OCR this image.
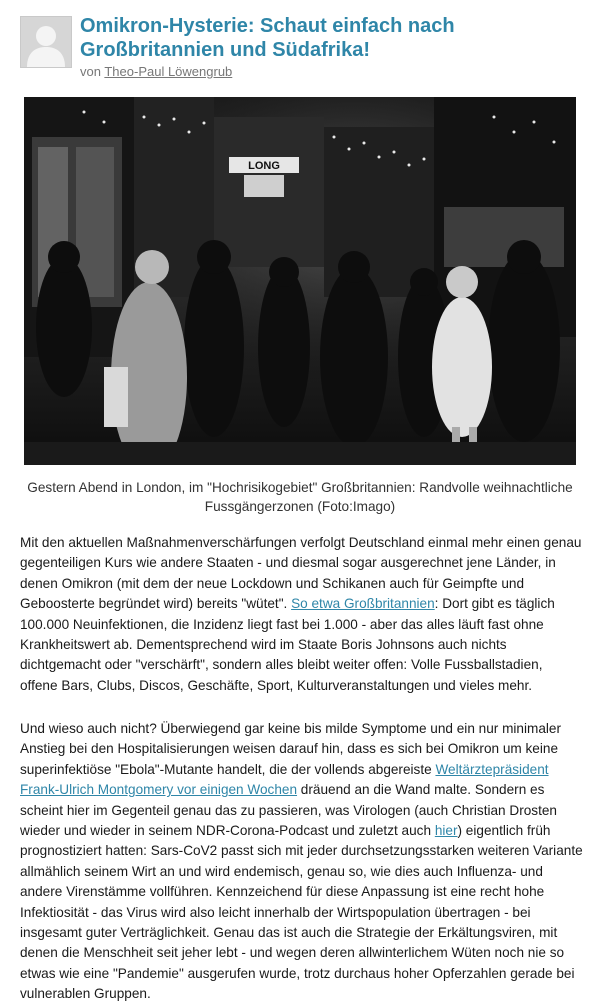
Omikron-Hysterie: Schaut einfach nach Großbritannien und Südafrika!
von Theo-Paul Löwengrub
LONG

Gestern Abend in London, im "Hochrisikogebiet" Großbritannien: Randvolle weihnachtliche Fussgängerzonen (Foto:Imago)

Mit den aktuellen Maßnahmenverschärfungen verfolgt Deutschland einmal mehr einen genau gegenteiligen Kurs wie andere Staaten - und diesmal sogar ausgerechnet jene Länder, in denen Omikron (mit dem der neue Lockdown und Schikanen auch für Geimpfte und Geboosterte begründet wird) bereits "wütet". So etwa Großbritannien: Dort gibt es täglich 100.000 Neuinfektionen, die Inzidenz liegt fast bei 1.000 - aber das alles läuft fast ohne Krankheitswert ab. Dementsprechend wird im Staate Boris Johnsons auch nichts dichtgemacht oder "verschärft", sondern alles bleibt weiter offen: Volle Fussballstadien, offene Bars, Clubs, Discos, Geschäfte, Sport, Kulturveranstaltungen und vieles mehr.

Und wieso auch nicht? Überwiegend gar keine bis milde Symptome und ein nur minimaler Anstieg bei den Hospitalisierungen weisen darauf hin, dass es sich bei Omikron um keine superinfektiöse "Ebola"-Mutante handelt, die der vollends abgereiste Weltärztepräsident Frank-Ulrich Montgomery vor einigen Wochen dräuend an die Wand malte. Sondern es scheint hier im Gegenteil genau das zu passieren, was Virologen (auch Christian Drosten wieder und wieder in seinem NDR-Corona-Podcast und zuletzt auch hier) eigentlich früh prognostiziert hatten: Sars-CoV2 passt sich mit jeder durchsetzungsstarken weiteren Variante allmählich seinem Wirt an und wird endemisch, genau so, wie dies auch Influenza- und andere Virenstämme vollführen. Kennzeichend für diese Anpassung ist eine recht hohe Infektiosität - das Virus wird also leicht innerhalb der Wirtspopulation übertragen - bei insgesamt guter Verträglichkeit. Genau das ist auch die Strategie der Erkältungsviren, mit denen die Menschheit seit jeher lebt - und wegen deren allwinterlichem Wüten noch nie so etwas wie eine "Pandemie" ausgerufen wurde, trotz durchaus hoher Opferzahlen gerade bei vulnerablen Gruppen.
